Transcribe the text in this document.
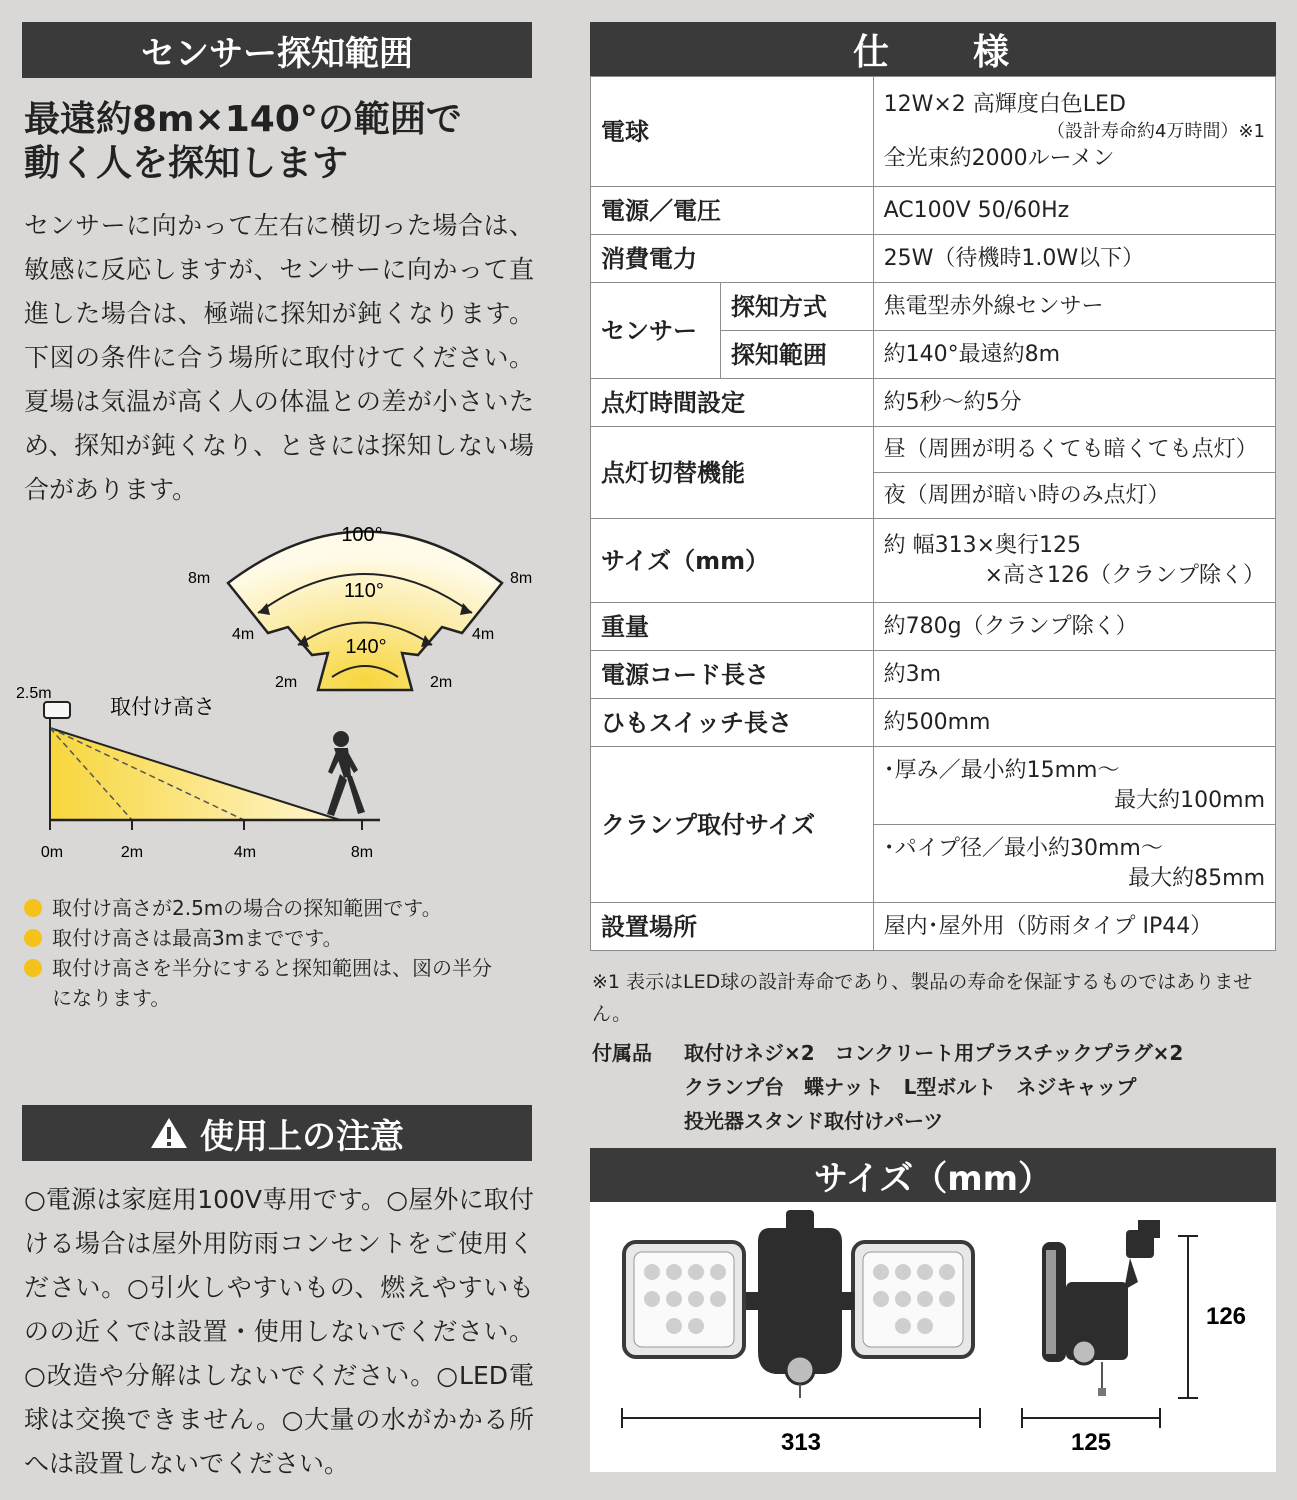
センサー探知範囲

最遠約8m×140°の範囲で

動く人を探知します

センサーに向かって左右に横切った場合は、敏感に反応しますが、センサーに向かって直進した場合は、極端に探知が鈍くなります。下図の条件に合う場所に取付けてください。夏場は気温が高く人の体温との差が小さいため、探知が鈍くなり、ときには探知しない場合があります。

100°
110°
140°
8m	8m
4m	4m
2m	2m
2.5m
取付け高さ
0m	2m	4m	8m
取付け高さが2.5mの場合の探知範囲です。
取付け高さは最高3mまでです。
取付け高さを半分にすると探知範囲は、図の半分になります。
使用上の注意

○電源は家庭用100V専用です。○屋外に取付ける場合は屋外用防雨コンセントをご使用ください。○引火しやすいもの、燃えやすいものの近くでは設置・使用しないでください。○改造や分解はしないでください。○LED電球は交換できません。○大量の水がかかる所へは設置しないでください。

仕　　様
電球		12W×2 高輝度白色LED
（設計寿命約4万時間）※1
全光束約2000ルーメン

電源／電圧		AC100V 50/60Hz
消費電力		25W（待機時1.0W以下）
センサー	探知方式	焦電型赤外線センサー
	探知範囲	約140°最遠約8m
点灯時間設定		約5秒～約5分
点灯切替機能		昼（周囲が明るくても暗くても点灯）
		夜（周囲が暗い時のみ点灯）
サイズ（mm）		約 幅313×奥行125
×高さ126（クランプ除く）

重量		約780g（クランプ除く）
電源コード長さ		約3m
ひもスイッチ長さ		約500mm
クランプ取付サイズ		･厚み／最小約15mm～
最大約100mm

		･パイプ径／最小約30mm～
最大約85mm

設置場所		屋内･屋外用（防雨タイプ IP44）

※1 表示はLED球の設計寿命であり、製品の寿命を保証するものではありません。

付属品	取付けネジ×2　コンクリート用プラスチックプラグ×2
クランプ台　蝶ナット　L型ボルト　ネジキャップ
投光器スタンド取付けパーツ
サイズ（mm）
313	125
126
